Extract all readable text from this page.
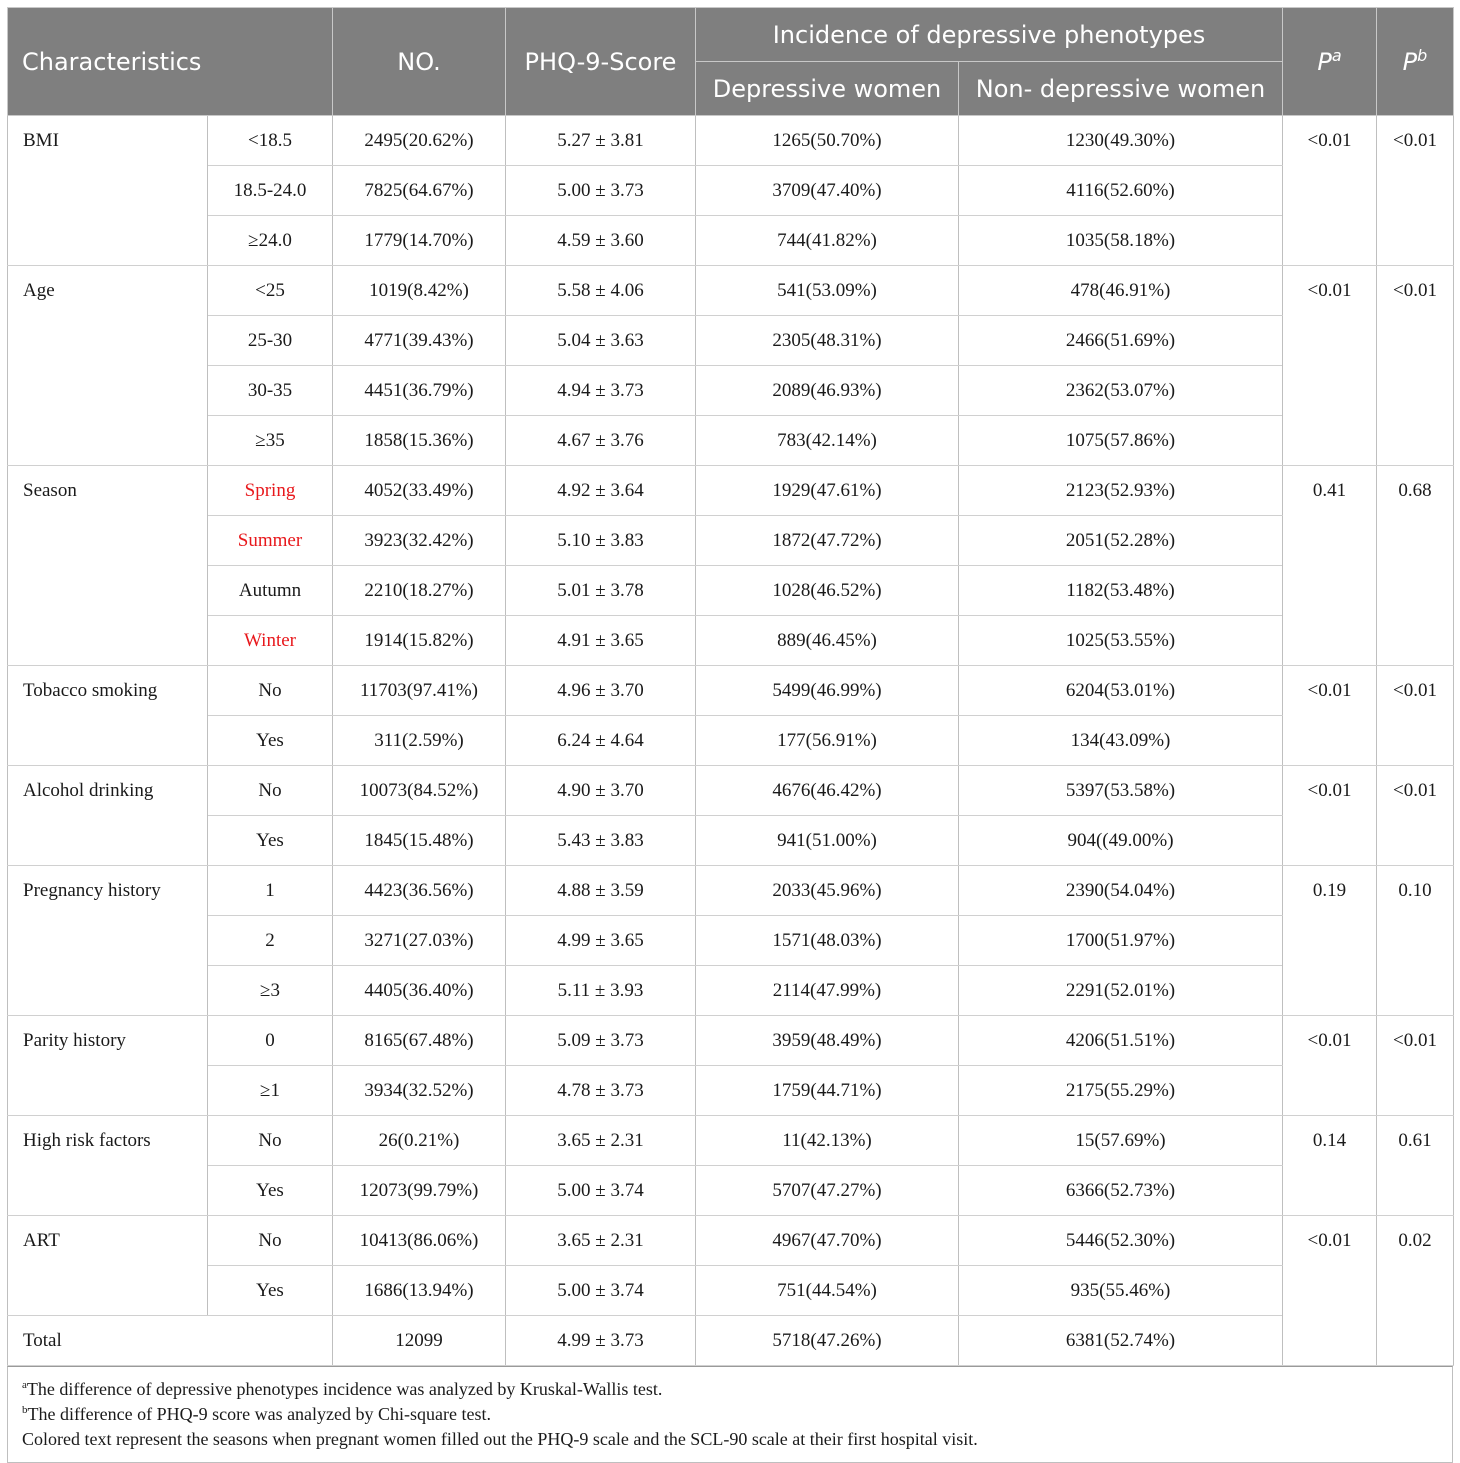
Characteristics		NO.	PHQ-9-Score	Incidence of depressive phenotypes		$P^a$	$P^b$
				Depressive women	Non- depressive women		
BMI	<18.5	2495(20.62%)	5.27 ± 3.81	1265(50.70%)	1230(49.30%)	<0.01	<0.01
	18.5-24.0	7825(64.67%)	5.00 ± 3.73	3709(47.40%)	4116(52.60%)		
	≥24.0	1779(14.70%)	4.59 ± 3.60	744(41.82%)	1035(58.18%)		
Age	<25	1019(8.42%)	5.58 ± 4.06	541(53.09%)	478(46.91%)	<0.01	<0.01
	25-30	4771(39.43%)	5.04 ± 3.63	2305(48.31%)	2466(51.69%)		
	30-35	4451(36.79%)	4.94 ± 3.73	2089(46.93%)	2362(53.07%)		
	≥35	1858(15.36%)	4.67 ± 3.76	783(42.14%)	1075(57.86%)		
Season	Spring	4052(33.49%)	4.92 ± 3.64	1929(47.61%)	2123(52.93%)	0.41	0.68
	Summer	3923(32.42%)	5.10 ± 3.83	1872(47.72%)	2051(52.28%)		
	Autumn	2210(18.27%)	5.01 ± 3.78	1028(46.52%)	1182(53.48%)		
	Winter	1914(15.82%)	4.91 ± 3.65	889(46.45%)	1025(53.55%)		
Tobacco smoking	No	11703(97.41%)	4.96 ± 3.70	5499(46.99%)	6204(53.01%)	<0.01	<0.01
	Yes	311(2.59%)	6.24 ± 4.64	177(56.91%)	134(43.09%)		
Alcohol drinking	No	10073(84.52%)	4.90 ± 3.70	4676(46.42%)	5397(53.58%)	<0.01	<0.01
	Yes	1845(15.48%)	5.43 ± 3.83	941(51.00%)	904((49.00%)		
Pregnancy history	1	4423(36.56%)	4.88 ± 3.59	2033(45.96%)	2390(54.04%)	0.19	0.10
	2	3271(27.03%)	4.99 ± 3.65	1571(48.03%)	1700(51.97%)		
	≥3	4405(36.40%)	5.11 ± 3.93	2114(47.99%)	2291(52.01%)		
Parity history	0	8165(67.48%)	5.09 ± 3.73	3959(48.49%)	4206(51.51%)	<0.01	<0.01
	≥1	3934(32.52%)	4.78 ± 3.73	1759(44.71%)	2175(55.29%)		
High risk factors	No	26(0.21%)	3.65 ± 2.31	11(42.13%)	15(57.69%)	0.14	0.61
	Yes	12073(99.79%)	5.00 ± 3.74	5707(47.27%)	6366(52.73%)		
ART	No	10413(86.06%)	3.65 ± 2.31	4967(47.70%)	5446(52.30%)	<0.01	0.02
	Yes	1686(13.94%)	5.00 ± 3.74	751(44.54%)	935(55.46%)		
Total		12099	4.99 ± 3.73	5718(47.26%)	6381(52.74%)		
$^a$The difference of depressive phenotypes incidence was analyzed by Kruskal-Wallis test.
$^b$The difference of PHQ-9 score was analyzed by Chi-square test.
Colored text represent the seasons when pregnant women filled out the PHQ-9 scale and the SCL-90 scale at their first hospital visit.
